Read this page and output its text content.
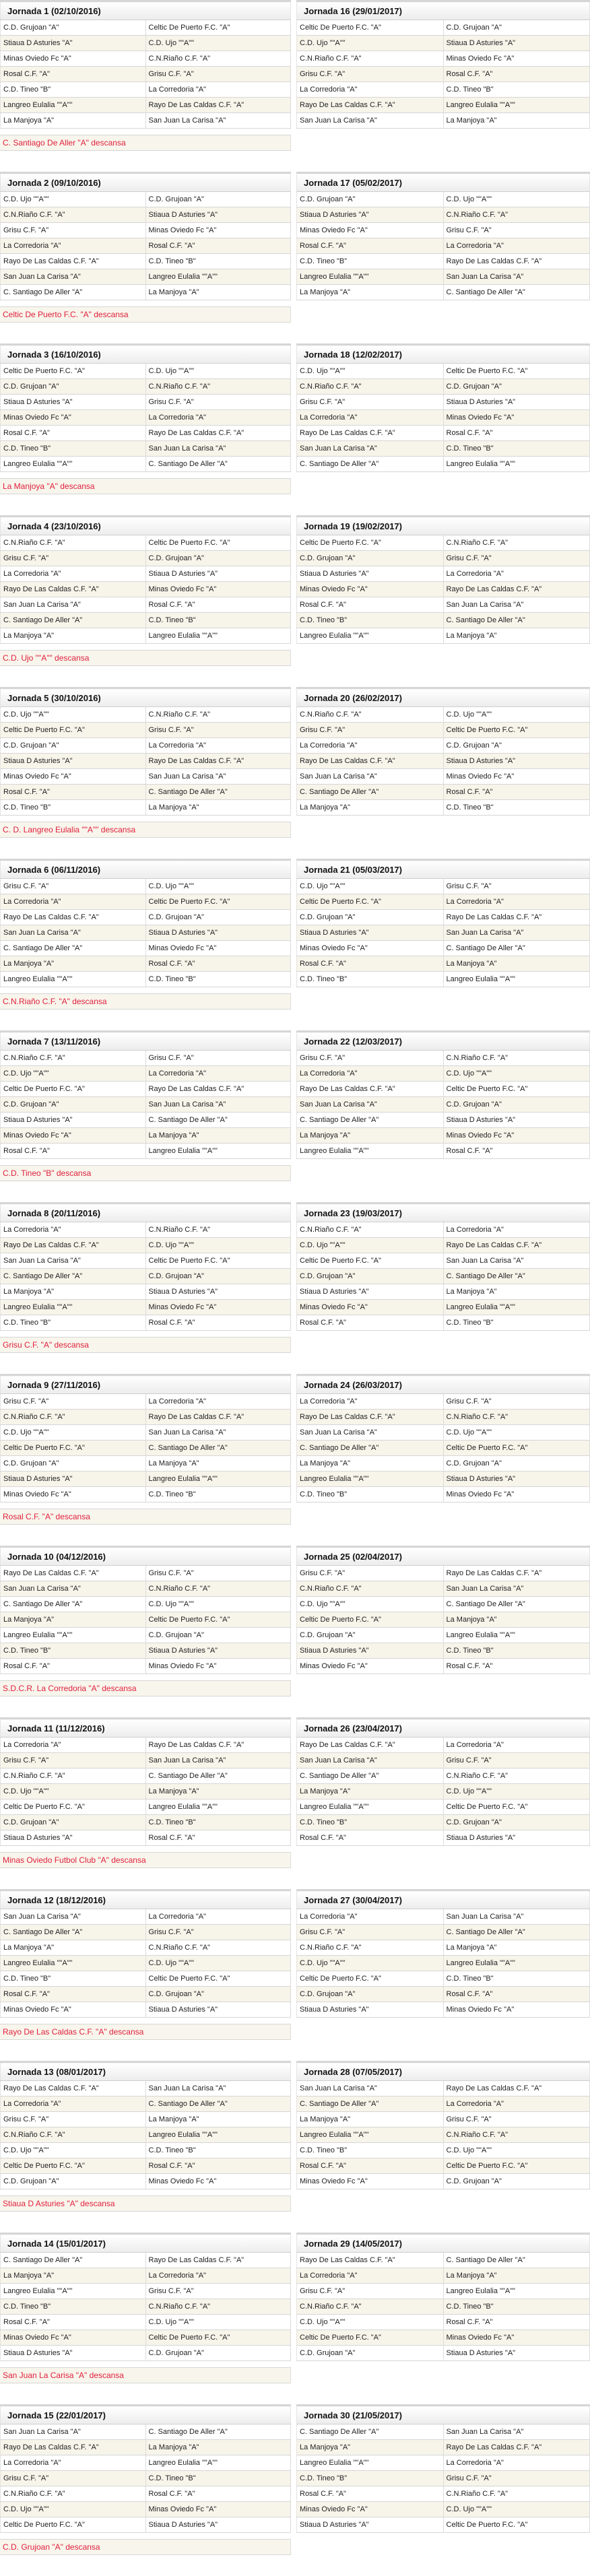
Jornada 1 (02/10/2016)	
C.D. Grujoan "A"	Celtic De Puerto F.C. "A"
Stiaua D Asturies "A"	C.D. Ujo ""A""
Minas Oviedo Fc "A"	C.N.Riaño C.F. "A"
Rosal C.F. "A"	Grisu C.F. "A"
C.D. Tineo "B"	La Corredoria "A"
Langreo Eulalia ""A""	Rayo De Las Caldas C.F. "A"
La Manjoya "A"	San Juan La Carisa "A"
C. Santiago De Aller "A" descansa
Jornada 16 (29/01/2017)	
Celtic De Puerto F.C. "A"	C.D. Grujoan "A"
C.D. Ujo ""A""	Stiaua D Asturies "A"
C.N.Riaño C.F. "A"	Minas Oviedo Fc "A"
Grisu C.F. "A"	Rosal C.F. "A"
La Corredoria "A"	C.D. Tineo "B"
Rayo De Las Caldas C.F. "A"	Langreo Eulalia ""A""
San Juan La Carisa "A"	La Manjoya "A"
Jornada 2 (09/10/2016)	
C.D. Ujo ""A""	C.D. Grujoan "A"
C.N.Riaño C.F. "A"	Stiaua D Asturies "A"
Grisu C.F. "A"	Minas Oviedo Fc "A"
La Corredoria "A"	Rosal C.F. "A"
Rayo De Las Caldas C.F. "A"	C.D. Tineo "B"
San Juan La Carisa "A"	Langreo Eulalia ""A""
C. Santiago De Aller "A"	La Manjoya "A"
Celtic De Puerto F.C. "A" descansa
Jornada 17 (05/02/2017)	
C.D. Grujoan "A"	C.D. Ujo ""A""
Stiaua D Asturies "A"	C.N.Riaño C.F. "A"
Minas Oviedo Fc "A"	Grisu C.F. "A"
Rosal C.F. "A"	La Corredoria "A"
C.D. Tineo "B"	Rayo De Las Caldas C.F. "A"
Langreo Eulalia ""A""	San Juan La Carisa "A"
La Manjoya "A"	C. Santiago De Aller "A"
Jornada 3 (16/10/2016)	
Celtic De Puerto F.C. "A"	C.D. Ujo ""A""
C.D. Grujoan "A"	C.N.Riaño C.F. "A"
Stiaua D Asturies "A"	Grisu C.F. "A"
Minas Oviedo Fc "A"	La Corredoria "A"
Rosal C.F. "A"	Rayo De Las Caldas C.F. "A"
C.D. Tineo "B"	San Juan La Carisa "A"
Langreo Eulalia ""A""	C. Santiago De Aller "A"
La Manjoya "A" descansa
Jornada 18 (12/02/2017)	
C.D. Ujo ""A""	Celtic De Puerto F.C. "A"
C.N.Riaño C.F. "A"	C.D. Grujoan "A"
Grisu C.F. "A"	Stiaua D Asturies "A"
La Corredoria "A"	Minas Oviedo Fc "A"
Rayo De Las Caldas C.F. "A"	Rosal C.F. "A"
San Juan La Carisa "A"	C.D. Tineo "B"
C. Santiago De Aller "A"	Langreo Eulalia ""A""
Jornada 4 (23/10/2016)	
C.N.Riaño C.F. "A"	Celtic De Puerto F.C. "A"
Grisu C.F. "A"	C.D. Grujoan "A"
La Corredoria "A"	Stiaua D Asturies "A"
Rayo De Las Caldas C.F. "A"	Minas Oviedo Fc "A"
San Juan La Carisa "A"	Rosal C.F. "A"
C. Santiago De Aller "A"	C.D. Tineo "B"
La Manjoya "A"	Langreo Eulalia ""A""
C.D. Ujo ""A"" descansa
Jornada 19 (19/02/2017)	
Celtic De Puerto F.C. "A"	C.N.Riaño C.F. "A"
C.D. Grujoan "A"	Grisu C.F. "A"
Stiaua D Asturies "A"	La Corredoria "A"
Minas Oviedo Fc "A"	Rayo De Las Caldas C.F. "A"
Rosal C.F. "A"	San Juan La Carisa "A"
C.D. Tineo "B"	C. Santiago De Aller "A"
Langreo Eulalia ""A""	La Manjoya "A"
Jornada 5 (30/10/2016)	
C.D. Ujo ""A""	C.N.Riaño C.F. "A"
Celtic De Puerto F.C. "A"	Grisu C.F. "A"
C.D. Grujoan "A"	La Corredoria "A"
Stiaua D Asturies "A"	Rayo De Las Caldas C.F. "A"
Minas Oviedo Fc "A"	San Juan La Carisa "A"
Rosal C.F. "A"	C. Santiago De Aller "A"
C.D. Tineo "B"	La Manjoya "A"
C. D. Langreo Eulalia ""A"" descansa
Jornada 20 (26/02/2017)	
C.N.Riaño C.F. "A"	C.D. Ujo ""A""
Grisu C.F. "A"	Celtic De Puerto F.C. "A"
La Corredoria "A"	C.D. Grujoan "A"
Rayo De Las Caldas C.F. "A"	Stiaua D Asturies "A"
San Juan La Carisa "A"	Minas Oviedo Fc "A"
C. Santiago De Aller "A"	Rosal C.F. "A"
La Manjoya "A"	C.D. Tineo "B"
Jornada 6 (06/11/2016)	
Grisu C.F. "A"	C.D. Ujo ""A""
La Corredoria "A"	Celtic De Puerto F.C. "A"
Rayo De Las Caldas C.F. "A"	C.D. Grujoan "A"
San Juan La Carisa "A"	Stiaua D Asturies "A"
C. Santiago De Aller "A"	Minas Oviedo Fc "A"
La Manjoya "A"	Rosal C.F. "A"
Langreo Eulalia ""A""	C.D. Tineo "B"
C.N.Riaño C.F. "A" descansa
Jornada 21 (05/03/2017)	
C.D. Ujo ""A""	Grisu C.F. "A"
Celtic De Puerto F.C. "A"	La Corredoria "A"
C.D. Grujoan "A"	Rayo De Las Caldas C.F. "A"
Stiaua D Asturies "A"	San Juan La Carisa "A"
Minas Oviedo Fc "A"	C. Santiago De Aller "A"
Rosal C.F. "A"	La Manjoya "A"
C.D. Tineo "B"	Langreo Eulalia ""A""
Jornada 7 (13/11/2016)	
C.N.Riaño C.F. "A"	Grisu C.F. "A"
C.D. Ujo ""A""	La Corredoria "A"
Celtic De Puerto F.C. "A"	Rayo De Las Caldas C.F. "A"
C.D. Grujoan "A"	San Juan La Carisa "A"
Stiaua D Asturies "A"	C. Santiago De Aller "A"
Minas Oviedo Fc "A"	La Manjoya "A"
Rosal C.F. "A"	Langreo Eulalia ""A""
C.D. Tineo "B" descansa
Jornada 22 (12/03/2017)	
Grisu C.F. "A"	C.N.Riaño C.F. "A"
La Corredoria "A"	C.D. Ujo ""A""
Rayo De Las Caldas C.F. "A"	Celtic De Puerto F.C. "A"
San Juan La Carisa "A"	C.D. Grujoan "A"
C. Santiago De Aller "A"	Stiaua D Asturies "A"
La Manjoya "A"	Minas Oviedo Fc "A"
Langreo Eulalia ""A""	Rosal C.F. "A"
Jornada 8 (20/11/2016)	
La Corredoria "A"	C.N.Riaño C.F. "A"
Rayo De Las Caldas C.F. "A"	C.D. Ujo ""A""
San Juan La Carisa "A"	Celtic De Puerto F.C. "A"
C. Santiago De Aller "A"	C.D. Grujoan "A"
La Manjoya "A"	Stiaua D Asturies "A"
Langreo Eulalia ""A""	Minas Oviedo Fc "A"
C.D. Tineo "B"	Rosal C.F. "A"
Grisu C.F. "A" descansa
Jornada 23 (19/03/2017)	
C.N.Riaño C.F. "A"	La Corredoria "A"
C.D. Ujo ""A""	Rayo De Las Caldas C.F. "A"
Celtic De Puerto F.C. "A"	San Juan La Carisa "A"
C.D. Grujoan "A"	C. Santiago De Aller "A"
Stiaua D Asturies "A"	La Manjoya "A"
Minas Oviedo Fc "A"	Langreo Eulalia ""A""
Rosal C.F. "A"	C.D. Tineo "B"
Jornada 9 (27/11/2016)	
Grisu C.F. "A"	La Corredoria "A"
C.N.Riaño C.F. "A"	Rayo De Las Caldas C.F. "A"
C.D. Ujo ""A""	San Juan La Carisa "A"
Celtic De Puerto F.C. "A"	C. Santiago De Aller "A"
C.D. Grujoan "A"	La Manjoya "A"
Stiaua D Asturies "A"	Langreo Eulalia ""A""
Minas Oviedo Fc "A"	C.D. Tineo "B"
Rosal C.F. "A" descansa
Jornada 24 (26/03/2017)	
La Corredoria "A"	Grisu C.F. "A"
Rayo De Las Caldas C.F. "A"	C.N.Riaño C.F. "A"
San Juan La Carisa "A"	C.D. Ujo ""A""
C. Santiago De Aller "A"	Celtic De Puerto F.C. "A"
La Manjoya "A"	C.D. Grujoan "A"
Langreo Eulalia ""A""	Stiaua D Asturies "A"
C.D. Tineo "B"	Minas Oviedo Fc "A"
Jornada 10 (04/12/2016)	
Rayo De Las Caldas C.F. "A"	Grisu C.F. "A"
San Juan La Carisa "A"	C.N.Riaño C.F. "A"
C. Santiago De Aller "A"	C.D. Ujo ""A""
La Manjoya "A"	Celtic De Puerto F.C. "A"
Langreo Eulalia ""A""	C.D. Grujoan "A"
C.D. Tineo "B"	Stiaua D Asturies "A"
Rosal C.F. "A"	Minas Oviedo Fc "A"
S.D.C.R. La Corredoria "A" descansa
Jornada 25 (02/04/2017)	
Grisu C.F. "A"	Rayo De Las Caldas C.F. "A"
C.N.Riaño C.F. "A"	San Juan La Carisa "A"
C.D. Ujo ""A""	C. Santiago De Aller "A"
Celtic De Puerto F.C. "A"	La Manjoya "A"
C.D. Grujoan "A"	Langreo Eulalia ""A""
Stiaua D Asturies "A"	C.D. Tineo "B"
Minas Oviedo Fc "A"	Rosal C.F. "A"
Jornada 11 (11/12/2016)	
La Corredoria "A"	Rayo De Las Caldas C.F. "A"
Grisu C.F. "A"	San Juan La Carisa "A"
C.N.Riaño C.F. "A"	C. Santiago De Aller "A"
C.D. Ujo ""A""	La Manjoya "A"
Celtic De Puerto F.C. "A"	Langreo Eulalia ""A""
C.D. Grujoan "A"	C.D. Tineo "B"
Stiaua D Asturies "A"	Rosal C.F. "A"
Minas Oviedo Futbol Club "A" descansa
Jornada 26 (23/04/2017)	
Rayo De Las Caldas C.F. "A"	La Corredoria "A"
San Juan La Carisa "A"	Grisu C.F. "A"
C. Santiago De Aller "A"	C.N.Riaño C.F. "A"
La Manjoya "A"	C.D. Ujo ""A""
Langreo Eulalia ""A""	Celtic De Puerto F.C. "A"
C.D. Tineo "B"	C.D. Grujoan "A"
Rosal C.F. "A"	Stiaua D Asturies "A"
Jornada 12 (18/12/2016)	
San Juan La Carisa "A"	La Corredoria "A"
C. Santiago De Aller "A"	Grisu C.F. "A"
La Manjoya "A"	C.N.Riaño C.F. "A"
Langreo Eulalia ""A""	C.D. Ujo ""A""
C.D. Tineo "B"	Celtic De Puerto F.C. "A"
Rosal C.F. "A"	C.D. Grujoan "A"
Minas Oviedo Fc "A"	Stiaua D Asturies "A"
Rayo De Las Caldas C.F. "A" descansa
Jornada 27 (30/04/2017)	
La Corredoria "A"	San Juan La Carisa "A"
Grisu C.F. "A"	C. Santiago De Aller "A"
C.N.Riaño C.F. "A"	La Manjoya "A"
C.D. Ujo ""A""	Langreo Eulalia ""A""
Celtic De Puerto F.C. "A"	C.D. Tineo "B"
C.D. Grujoan "A"	Rosal C.F. "A"
Stiaua D Asturies "A"	Minas Oviedo Fc "A"
Jornada 13 (08/01/2017)	
Rayo De Las Caldas C.F. "A"	San Juan La Carisa "A"
La Corredoria "A"	C. Santiago De Aller "A"
Grisu C.F. "A"	La Manjoya "A"
C.N.Riaño C.F. "A"	Langreo Eulalia ""A""
C.D. Ujo ""A""	C.D. Tineo "B"
Celtic De Puerto F.C. "A"	Rosal C.F. "A"
C.D. Grujoan "A"	Minas Oviedo Fc "A"
Stiaua D Asturies "A" descansa
Jornada 28 (07/05/2017)	
San Juan La Carisa "A"	Rayo De Las Caldas C.F. "A"
C. Santiago De Aller "A"	La Corredoria "A"
La Manjoya "A"	Grisu C.F. "A"
Langreo Eulalia ""A""	C.N.Riaño C.F. "A"
C.D. Tineo "B"	C.D. Ujo ""A""
Rosal C.F. "A"	Celtic De Puerto F.C. "A"
Minas Oviedo Fc "A"	C.D. Grujoan "A"
Jornada 14 (15/01/2017)	
C. Santiago De Aller "A"	Rayo De Las Caldas C.F. "A"
La Manjoya "A"	La Corredoria "A"
Langreo Eulalia ""A""	Grisu C.F. "A"
C.D. Tineo "B"	C.N.Riaño C.F. "A"
Rosal C.F. "A"	C.D. Ujo ""A""
Minas Oviedo Fc "A"	Celtic De Puerto F.C. "A"
Stiaua D Asturies "A"	C.D. Grujoan "A"
San Juan La Carisa "A" descansa
Jornada 29 (14/05/2017)	
Rayo De Las Caldas C.F. "A"	C. Santiago De Aller "A"
La Corredoria "A"	La Manjoya "A"
Grisu C.F. "A"	Langreo Eulalia ""A""
C.N.Riaño C.F. "A"	C.D. Tineo "B"
C.D. Ujo ""A""	Rosal C.F. "A"
Celtic De Puerto F.C. "A"	Minas Oviedo Fc "A"
C.D. Grujoan "A"	Stiaua D Asturies "A"
Jornada 15 (22/01/2017)	
San Juan La Carisa "A"	C. Santiago De Aller "A"
Rayo De Las Caldas C.F. "A"	La Manjoya "A"
La Corredoria "A"	Langreo Eulalia ""A""
Grisu C.F. "A"	C.D. Tineo "B"
C.N.Riaño C.F. "A"	Rosal C.F. "A"
C.D. Ujo ""A""	Minas Oviedo Fc "A"
Celtic De Puerto F.C. "A"	Stiaua D Asturies "A"
C.D. Grujoan "A" descansa
Jornada 30 (21/05/2017)	
C. Santiago De Aller "A"	San Juan La Carisa "A"
La Manjoya "A"	Rayo De Las Caldas C.F. "A"
Langreo Eulalia ""A""	La Corredoria "A"
C.D. Tineo "B"	Grisu C.F. "A"
Rosal C.F. "A"	C.N.Riaño C.F. "A"
Minas Oviedo Fc "A"	C.D. Ujo ""A""
Stiaua D Asturies "A"	Celtic De Puerto F.C. "A"
